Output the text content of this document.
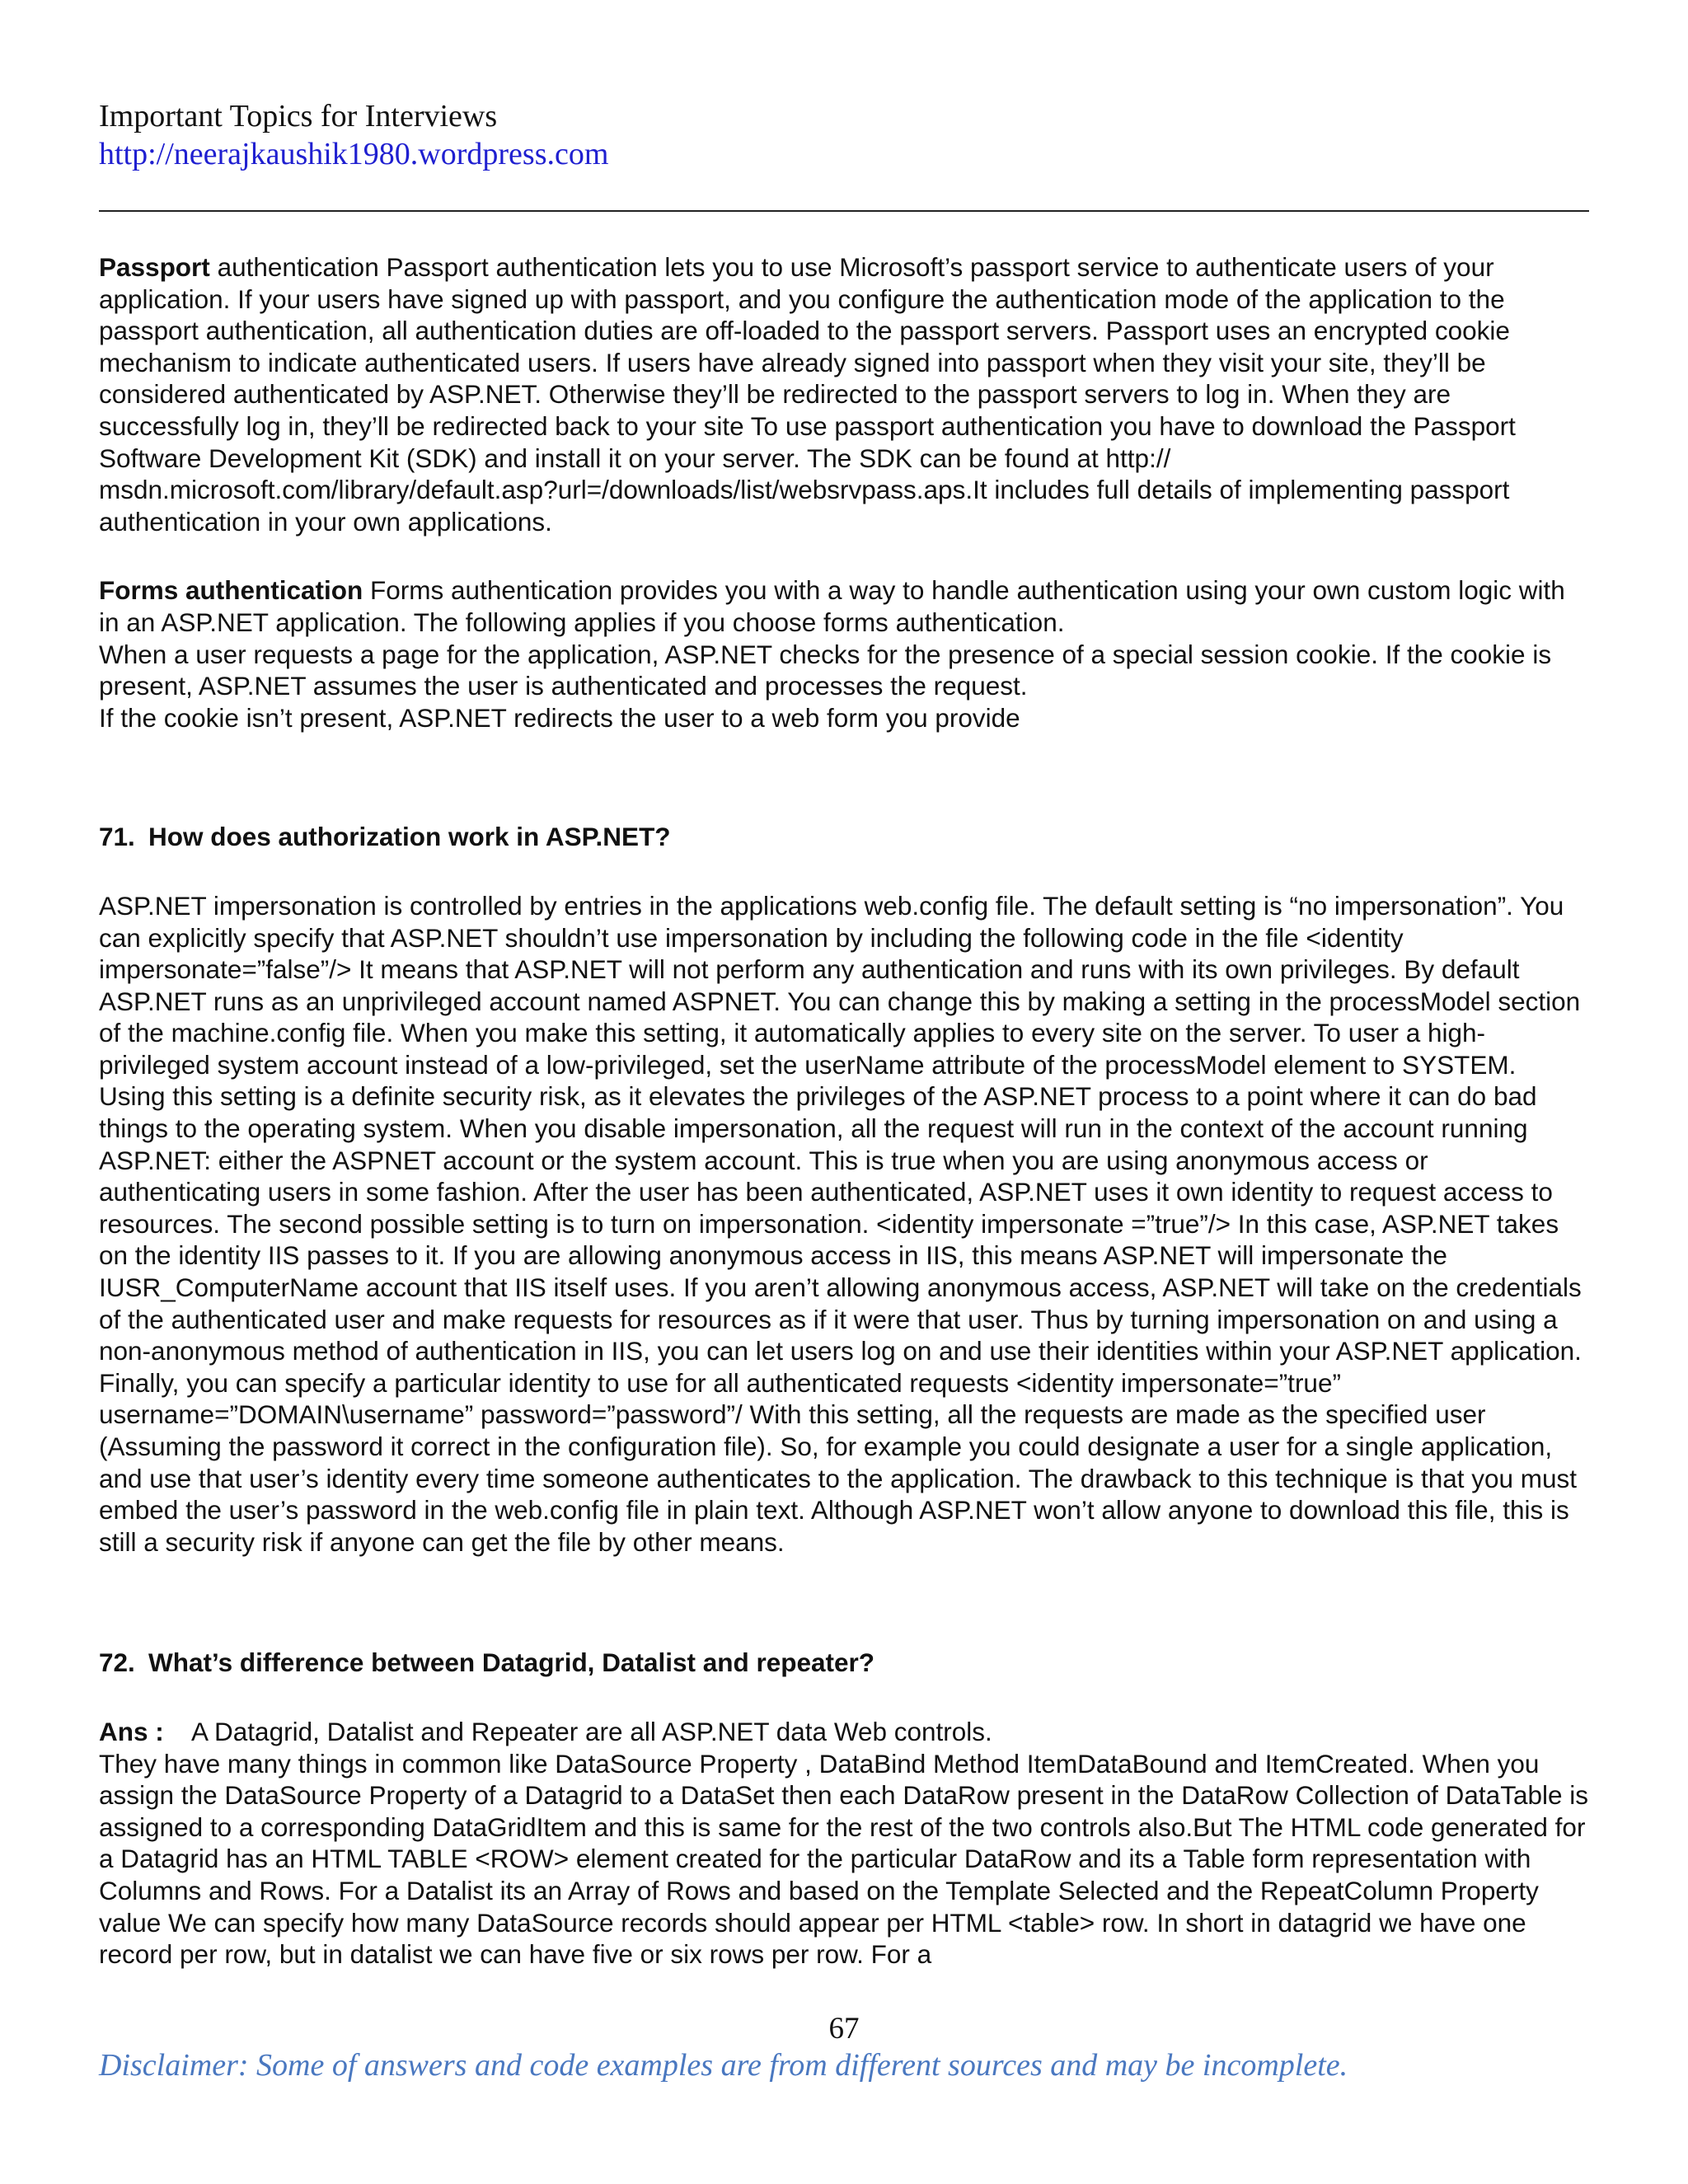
Important Topics for Interviews
http://neerajkaushik1980.wordpress.com

Passport authentication Passport authentication lets you to use Microsoft’s passport service to authenticate users of your application. If your users have signed up with passport, and you configure the authentication mode of the application to the passport authentication, all authentication duties are off-loaded to the passport servers. Passport uses an encrypted cookie mechanism to indicate authenticated users. If users have already signed into passport when they visit your site, they’ll be considered authenticated by ASP.NET. Otherwise they’ll be redirected to the passport servers to log in. When they are successfully log in, they’ll be redirected back to your site To use passport authentication you have to download the Passport Software Development Kit (SDK) and install it on your server. The SDK can be found at http:// msdn.microsoft.com/library/default.asp?url=/downloads/list/websrvpass.aps.It includes full details of implementing passport authentication in your own applications.

Forms authentication Forms authentication provides you with a way to handle authentication using your own custom logic with in an ASP.NET application. The following applies if you choose forms authentication.

When a user requests a page for the application, ASP.NET checks for the presence of a special session cookie. If the cookie is present, ASP.NET assumes the user is authenticated and processes the request.

If the cookie isn’t present, ASP.NET redirects the user to a web form you provide

71. How does authorization work in ASP.NET?

ASP.NET impersonation is controlled by entries in the applications web.config file. The default setting is “no impersonation”. You can explicitly specify that ASP.NET shouldn’t use impersonation by including the following code in the file <identity impersonate=”false”/> It means that ASP.NET will not perform any authentication and runs with its own privileges. By default ASP.NET runs as an unprivileged account named ASPNET. You can change this by making a setting in the processModel section of the machine.config file. When you make this setting, it automatically applies to every site on the server. To user a high-privileged system account instead of a low-privileged, set the userName attribute of the processModel element to SYSTEM. Using this setting is a definite security risk, as it elevates the privileges of the ASP.NET process to a point where it can do bad things to the operating system. When you disable impersonation, all the request will run in the context of the account running ASP.NET: either the ASPNET account or the system account. This is true when you are using anonymous access or authenticating users in some fashion. After the user has been authenticated, ASP.NET uses it own identity to request access to resources. The second possible setting is to turn on impersonation. <identity impersonate =”true”/> In this case, ASP.NET takes on the identity IIS passes to it. If you are allowing anonymous access in IIS, this means ASP.NET will impersonate the IUSR_ComputerName account that IIS itself uses. If you aren’t allowing anonymous access, ASP.NET will take on the credentials of the authenticated user and make requests for resources as if it were that user. Thus by turning impersonation on and using a non-anonymous method of authentication in IIS, you can let users log on and use their identities within your ASP.NET application. Finally, you can specify a particular identity to use for all authenticated requests <identity impersonate=”true” username=”DOMAIN\username” password=”password”/ With this setting, all the requests are made as the specified user (Assuming the password it correct in the configuration file). So, for example you could designate a user for a single application, and use that user’s identity every time someone authenticates to the application. The drawback to this technique is that you must embed the user’s password in the web.config file in plain text. Although ASP.NET won’t allow anyone to download this file, this is still a security risk if anyone can get the file by other means.

72. What’s difference between Datagrid, Datalist and repeater?

Ans :    A Datagrid, Datalist and Repeater are all ASP.NET data Web controls.

They have many things in common like DataSource Property , DataBind Method ItemDataBound and ItemCreated. When you assign the DataSource Property of a Datagrid to a DataSet then each DataRow present in the DataRow Collection of DataTable is assigned to a corresponding DataGridItem and this is same for the rest of the two controls also.But The HTML code generated for a Datagrid has an HTML TABLE <ROW> element created for the particular DataRow and its a Table form representation with Columns and Rows. For a Datalist its an Array of Rows and based on the Template Selected and the RepeatColumn Property value We can specify how many DataSource records should appear per HTML <table> row. In short in datagrid we have one record per row, but in datalist we can have five or six rows per row. For a

67
Disclaimer: Some of answers and code examples are from different sources and may be incomplete.
